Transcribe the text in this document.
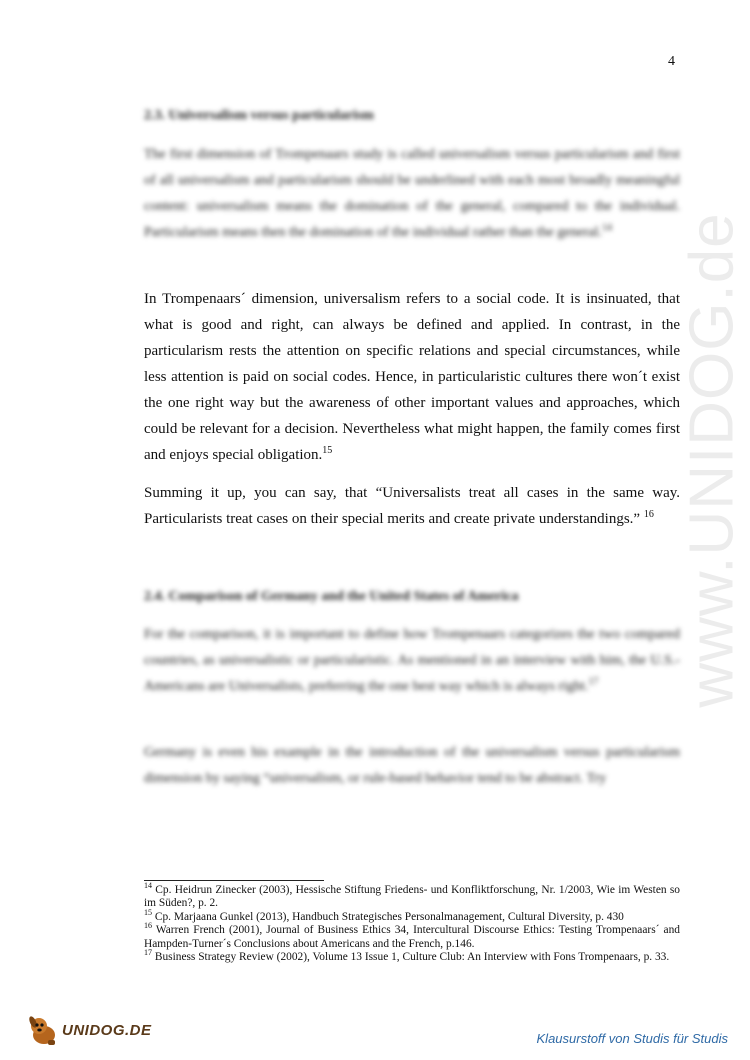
www.UNIDOG.de
4
2.3. Universalism versus particularism

The first dimension of Trompenaars study is called universalism versus particularism and first of all universalism and particularism should be underlined with each most broadly meaningful content: universalism means the domination of the general, compared to the individual. Particularism means then the domination of the individual rather than the general.$^{14}$

In Trompenaars´ dimension, universalism refers to a social code. It is insinuated, that what is good and right, can always be defined and applied. In contrast, in the particularism rests the attention on specific relations and special circumstances, while less attention is paid on social codes. Hence, in particularistic cultures there won´t exist the one right way but the awareness of other important values and approaches, which could be relevant for a decision. Nevertheless what might happen, the family comes first and enjoys special obligation.$^{15}$

Summing it up, you can say, that “Universalists treat all cases in the same way. Particularists treat cases on their special merits and create private understandings.” $^{16}$

2.4. Comparison of Germany and the United States of America

For the comparison, it is important to define how Trompenaars categorizes the two compared countries, as universalistic or particularistic. As mentioned in an interview with him, the U.S.-Americans are Universalists, preferring the one best way which is always right.$^{17}$

Germany is even his example in the introduction of the universalism versus particularism dimension by saying “universalism, or rule-based behavior tend to be abstract. Try

$^{14}$ Cp. Heidrun Zinecker (2003), Hessische Stiftung Friedens- und Konfliktforschung, Nr. 1/2003, Wie im Westen so im Süden?, p. 2.

$^{15}$ Cp. Marjaana Gunkel (2013), Handbuch Strategisches Personalmanagement, Cultural Diversity, p. 430

$^{16}$ Warren French (2001), Journal of Business Ethics 34, Intercultural Discourse Ethics: Testing Trompenaars´ and Hampden-Turner´s Conclusions about Americans and the French, p.146.

$^{17}$ Business Strategy Review (2002), Volume 13 Issue 1, Culture Club: An Interview with Fons Trompenaars, p. 33.

UNIDOG.DE	Klausurstoff von Studis für Studis
